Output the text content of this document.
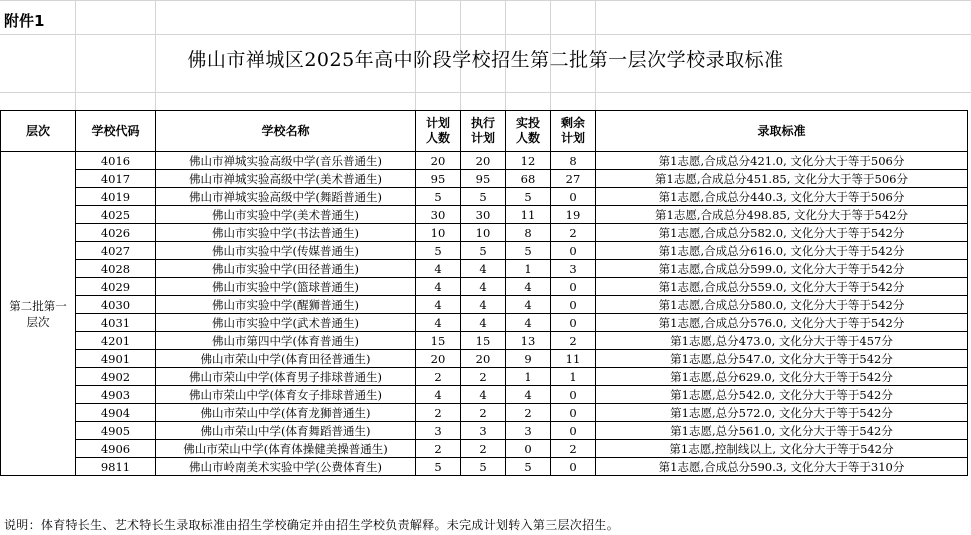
附件1
佛山市禅城区2025年高中阶段学校招生第二批第一层次学校录取标准
层次	学校代码	学校名称	计划人数	执行计划	实投人数	剩余计划	录取标准

第二批第一层次	4016	佛山市禅城实验高级中学(音乐普通生)	20	20	12	8	第1志愿,合成总分421.0, 文化分大于等于506分
	4017	佛山市禅城实验高级中学(美术普通生)	95	95	68	27	第1志愿,合成总分451.85, 文化分大于等于506分
	4019	佛山市禅城实验高级中学(舞蹈普通生)	5	5	5	0	第1志愿,合成总分440.3, 文化分大于等于506分
	4025	佛山市实验中学(美术普通生)	30	30	11	19	第1志愿,合成总分498.85, 文化分大于等于542分
	4026	佛山市实验中学(书法普通生)	10	10	8	2	第1志愿,合成总分582.0, 文化分大于等于542分
	4027	佛山市实验中学(传媒普通生)	5	5	5	0	第1志愿,合成总分616.0, 文化分大于等于542分
	4028	佛山市实验中学(田径普通生)	4	4	1	3	第1志愿,合成总分599.0, 文化分大于等于542分
	4029	佛山市实验中学(篮球普通生)	4	4	4	0	第1志愿,合成总分559.0, 文化分大于等于542分
	4030	佛山市实验中学(醒狮普通生)	4	4	4	0	第1志愿,合成总分580.0, 文化分大于等于542分
	4031	佛山市实验中学(武术普通生)	4	4	4	0	第1志愿,合成总分576.0, 文化分大于等于542分
	4201	佛山市第四中学(体育普通生)	15	15	13	2	第1志愿,总分473.0, 文化分大于等于457分
	4901	佛山市荣山中学(体育田径普通生)	20	20	9	11	第1志愿,总分547.0, 文化分大于等于542分
	4902	佛山市荣山中学(体育男子排球普通生)	2	2	1	1	第1志愿,总分629.0, 文化分大于等于542分
	4903	佛山市荣山中学(体育女子排球普通生)	4	4	4	0	第1志愿,总分542.0, 文化分大于等于542分
	4904	佛山市荣山中学(体育龙狮普通生)	2	2	2	0	第1志愿,总分572.0, 文化分大于等于542分
	4905	佛山市荣山中学(体育舞蹈普通生)	3	3	3	0	第1志愿,总分561.0, 文化分大于等于542分
	4906	佛山市荣山中学(体育体操健美操普通生)	2	2	0	2	第1志愿,控制线以上, 文化分大于等于542分
	9811	佛山市岭南美术实验中学(公费体育生)	5	5	5	0	第1志愿,合成总分590.3, 文化分大于等于310分
说明：体育特长生、艺术特长生录取标准由招生学校确定并由招生学校负责解释。未完成计划转入第三层次招生。
